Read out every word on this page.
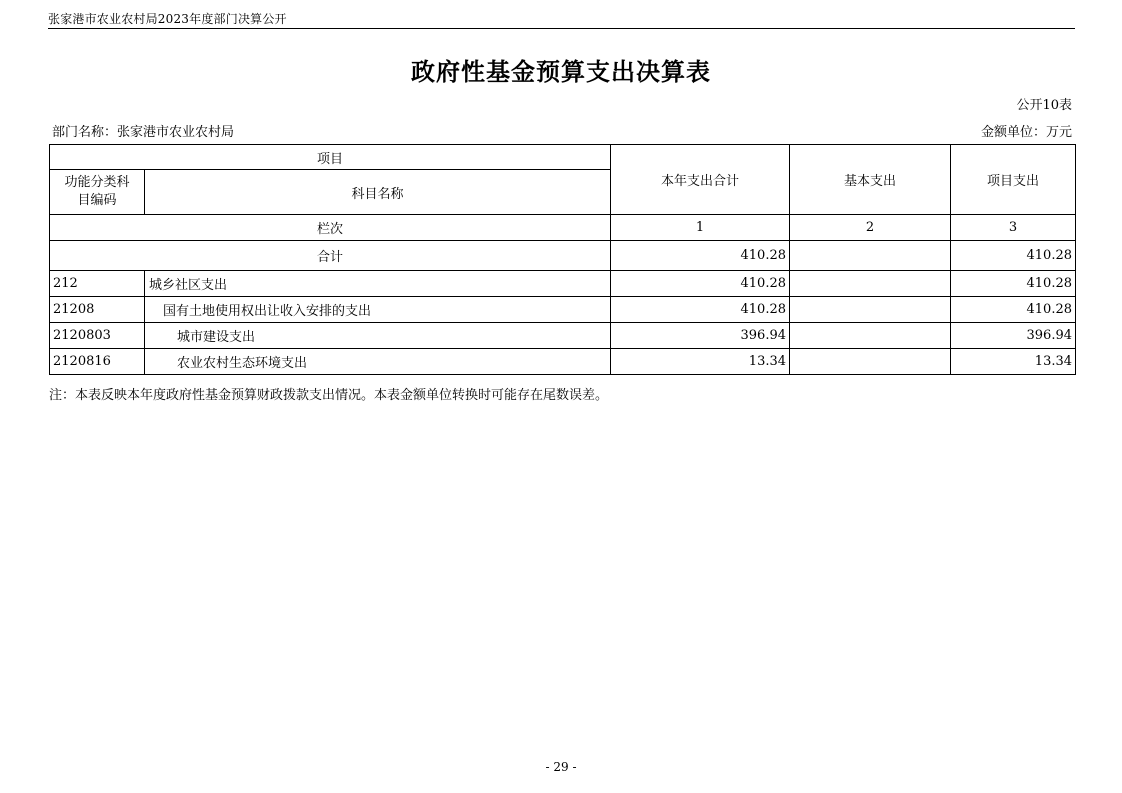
张家港市农业农村局2023年度部门决算公开
政府性基金预算支出决算表
公开10表
部门名称：张家港市农业农村局	金额单位：万元
项目		本年支出合计	基本支出	项目支出
功能分类科目编码	科目名称			
栏次		1	2	3
合计		410.28		410.28
212	城乡社区支出	410.28		410.28
21208	国有土地使用权出让收入安排的支出	410.28		410.28
2120803	城市建设支出	396.94		396.94
2120816	农业农村生态环境支出	13.34		13.34
注：本表反映本年度政府性基金预算财政拨款支出情况。本表金额单位转换时可能存在尾数误差。
- 29 -
